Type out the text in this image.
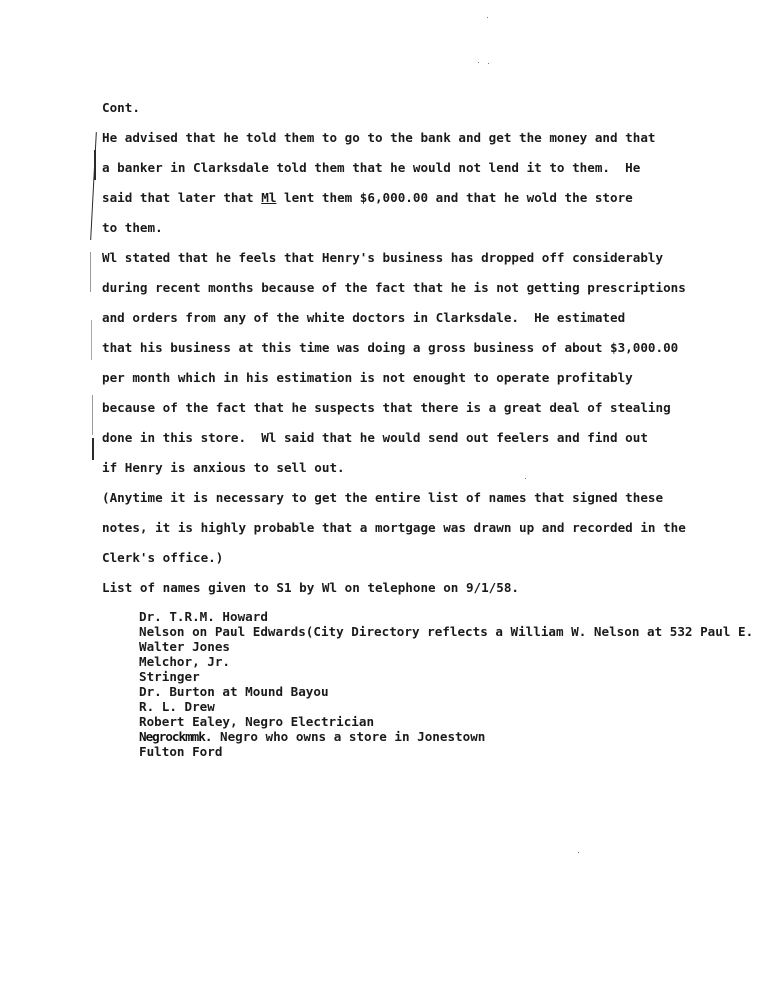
Cont.
He advised that he told them to go to the bank and get the money and that
a banker in Clarksdale told them that he would not lend it to them.  He
said that later that Ml lent them $6,000.00 and that he wold the store
to them.
Wl stated that he feels that Henry's business has dropped off considerably
during recent months because of the fact that he is not getting prescriptions
and orders from any of the white doctors in Clarksdale.  He estimated
that his business at this time was doing a gross business of about $3,000.00
per month which in his estimation is not enought to operate profitably
because of the fact that he suspects that there is a great deal of stealing
done in this store.  Wl said that he would send out feelers and find out
if Henry is anxious to sell out.
(Anytime it is necessary to get the entire list of names that signed these
notes, it is highly probable that a mortgage was drawn up and recorded in the
Clerk's office.)
List of names given to S1 by Wl on telephone on 9/1/58.
Dr. T.R.M. Howard
Nelson on Paul Edwards(City Directory reflects a William W. Nelson at 532 Paul E.
Walter Jones
Melchor, Jr.
Stringer
Dr. Burton at Mound Bayou
R. L. Drew
Robert Ealey, Negro Electrician
Negrockmmk. Negro who owns a store in Jonestown
Fulton Ford
